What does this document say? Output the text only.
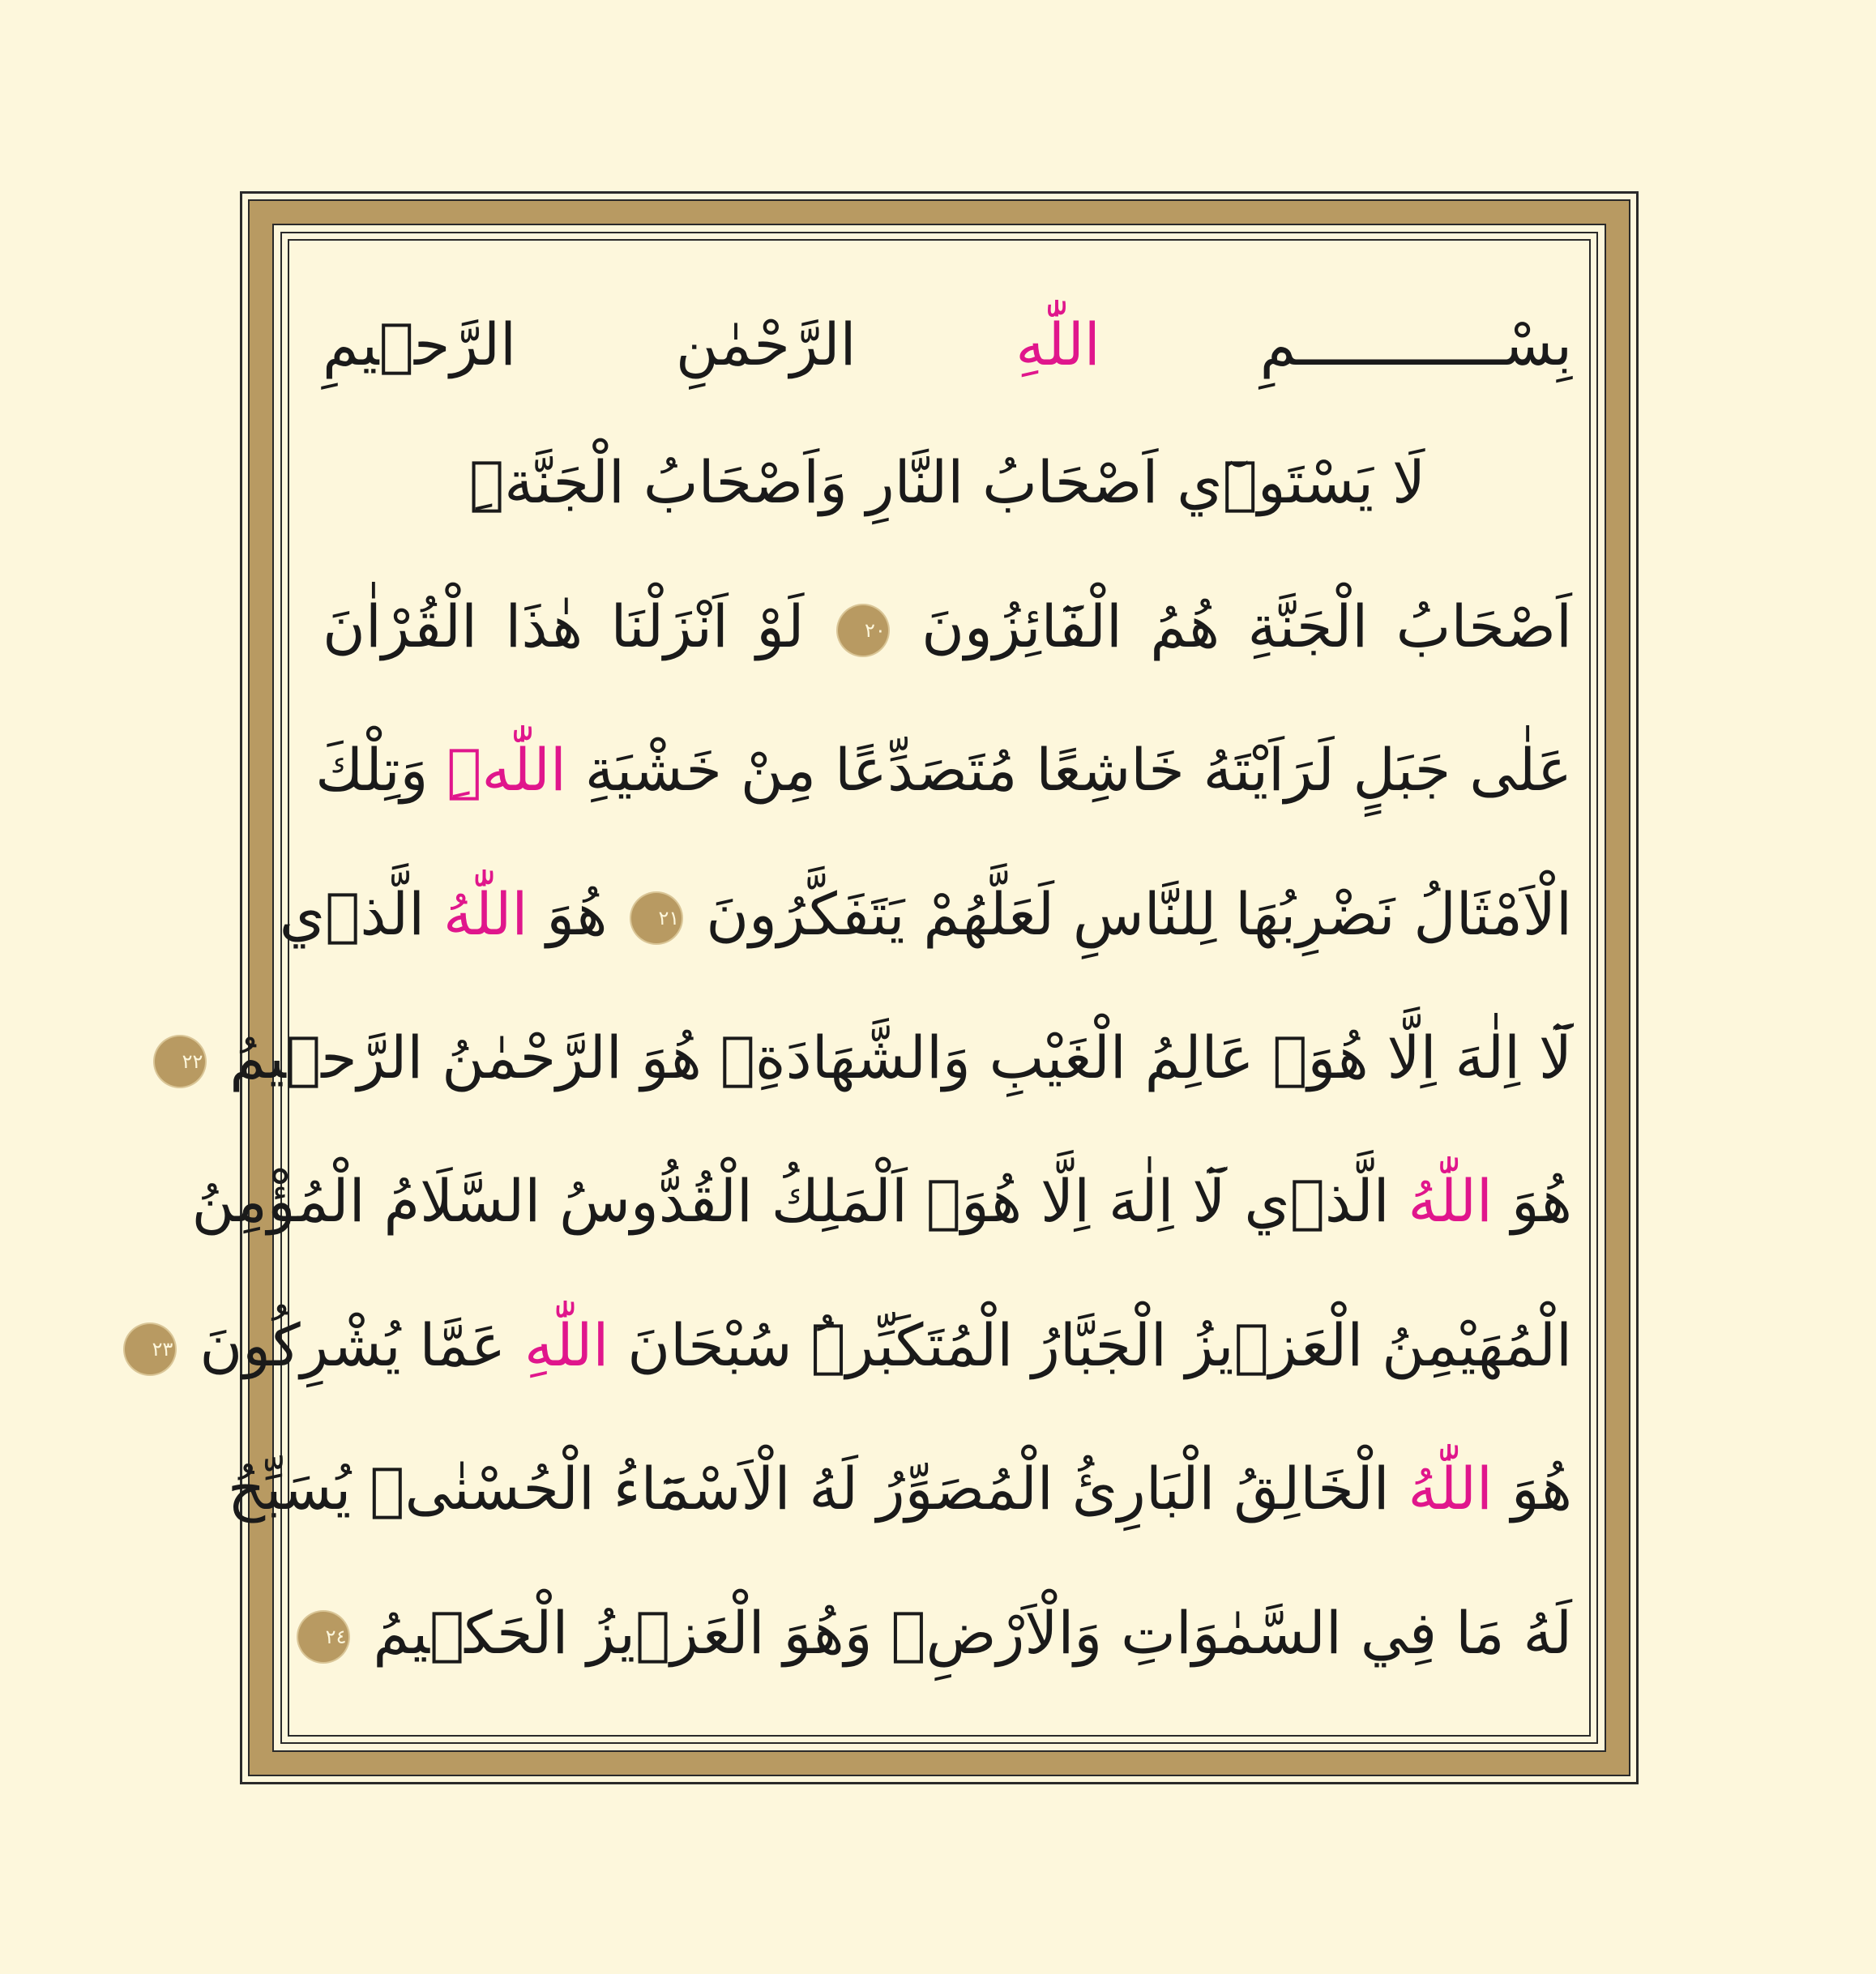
بِسْــــــــــــمِ اللّٰهِ الرَّحْمٰنِ الرَّح۪يمِ
لَا يَسْتَو۪ٓي اَصْحَابُ النَّارِ وَاَصْحَابُ الْجَنَّةِۜ
اَصْحَابُ الْجَنَّةِ هُمُ الْفَٓائِزُونَ ٢٠ لَوْ اَنْزَلْنَا هٰذَا الْقُرْاٰنَ
عَلٰى جَبَلٍ لَرَاَيْتَهُ خَاشِعًا مُتَصَدِّعًا مِنْ خَشْيَةِ اللّٰهِۜ وَتِلْكَ
الْاَمْثَالُ نَضْرِبُهَا لِلنَّاسِ لَعَلَّهُمْ يَتَفَكَّرُونَ ٢١ هُوَ اللّٰهُ الَّذ۪ي
لَٓا اِلٰهَ اِلَّا هُوَۚ عَالِمُ الْغَيْبِ وَالشَّهَادَةِۚ هُوَ الرَّحْمٰنُ الرَّح۪يمُ ٢٢
هُوَ اللّٰهُ الَّذ۪ي لَٓا اِلٰهَ اِلَّا هُوَۚ اَلْمَلِكُ الْقُدُّوسُ السَّلَامُ الْمُؤْمِنُ
الْمُهَيْمِنُ الْعَز۪يزُ الْجَبَّارُ الْمُتَكَبِّرُۜ سُبْحَانَ اللّٰهِ عَمَّا يُشْرِكُونَ ٢٣
هُوَ اللّٰهُ الْخَالِقُ الْبَارِئُ الْمُصَوِّرُ لَهُ الْاَسْمَٓاءُ الْحُسْنٰىۜ يُسَبِّحُ
لَهُ مَا فِي السَّمٰوَاتِ وَالْاَرْضِۚ وَهُوَ الْعَز۪يزُ الْحَك۪يمُ ٢٤
